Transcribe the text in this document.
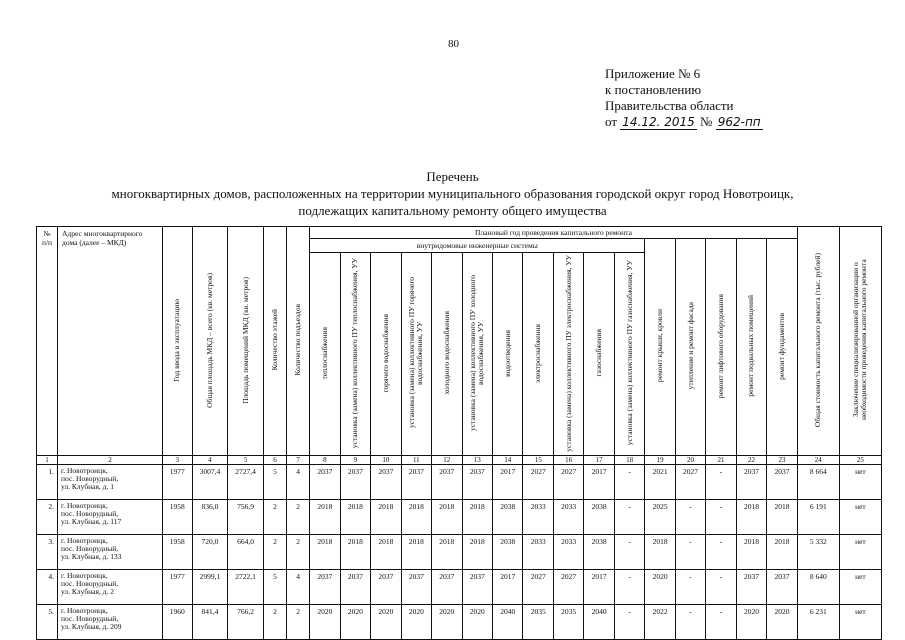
80
Приложение № 6
к постановлению
Правительства области
от 14.12. 2015 № 962-пп
Перечень
многоквартирных домов, расположенных на территории муниципального образования городской округ город Новотроицк,
подлежащих капитальному ремонту общего имущества
№ п/п	Адрес многоквартирного дома (далее – МКД)	Год ввода в эксплуатацию	Общая площадь МКД – всего (кв. метров)	Площадь помещений МКД (кв. метров)	Количество этажей	Количество подъездов	Плановый год проведения капитального ремонта																Общая стоимость капитального ремонта (тыс. рублей)	Заключение специализированной организации о необходимости проведения капитального ремонта
							внутридомовые инженерные системы											ремонт крыши, кровли	утепление и ремонт фасада	ремонт лифтового оборудования	ремонт подвальных помещений	ремонт фундаментов		
							теплоснабжения	установка (замена) коллективного ПУ теплоснабжения, УУ	горячего водоснабжения	установка (замена) коллективного ПУ горячего водоснабжения, УУ	холодного водоснабжения	установка (замена) коллективного ПУ холодного водоснабжения, УУ	водоотведения	электроснабжения	установка (замена) коллективного ПУ электроснабжения, УУ	газоснабжения	установка (замена) коллективного ПУ газоснабжения, УУ							
1	2	3	4	5	6	7	8	9	10	11	12	13	14	15	16	17	18	19	20	21	22	23	24	25
1.	г. Новотроицк,
пос. Новорудный,
ул. Клубная, д. 1	1977	3007,4	2727,4	5	4	2037	2037	2037	2037	2037	2037	2017	2027	2027	2017	-	2021	2027	-	2037	2037	8 664	нет
2.	г. Новотроицк,
пос. Новорудный,
ул. Клубная, д. 117	1958	836,0	756,9	2	2	2018	2018	2018	2018	2018	2018	2038	2033	2033	2038	-	2025	-	-	2018	2018	6 191	нет
3.	г. Новотроицк,
пос. Новорудный,
ул. Клубная, д. 133	1958	720,0	664,0	2	2	2018	2018	2018	2018	2018	2018	2038	2033	2033	2038	-	2018	-	-	2018	2018	5 332	нет
4.	г. Новотроицк,
пос. Новорудный,
ул. Клубная, д. 2	1977	2999,1	2722,1	5	4	2037	2037	2037	2037	2037	2037	2017	2027	2027	2017	-	2020	-	-	2037	2037	8 640	нет
5.	г. Новотроицк,
пос. Новорудный,
ул. Клубная, д. 209	1960	841,4	766,2	2	2	2020	2020	2020	2020	2020	2020	2040	2035	2035	2040	-	2022	-	-	2020	2020	6 231	нет
